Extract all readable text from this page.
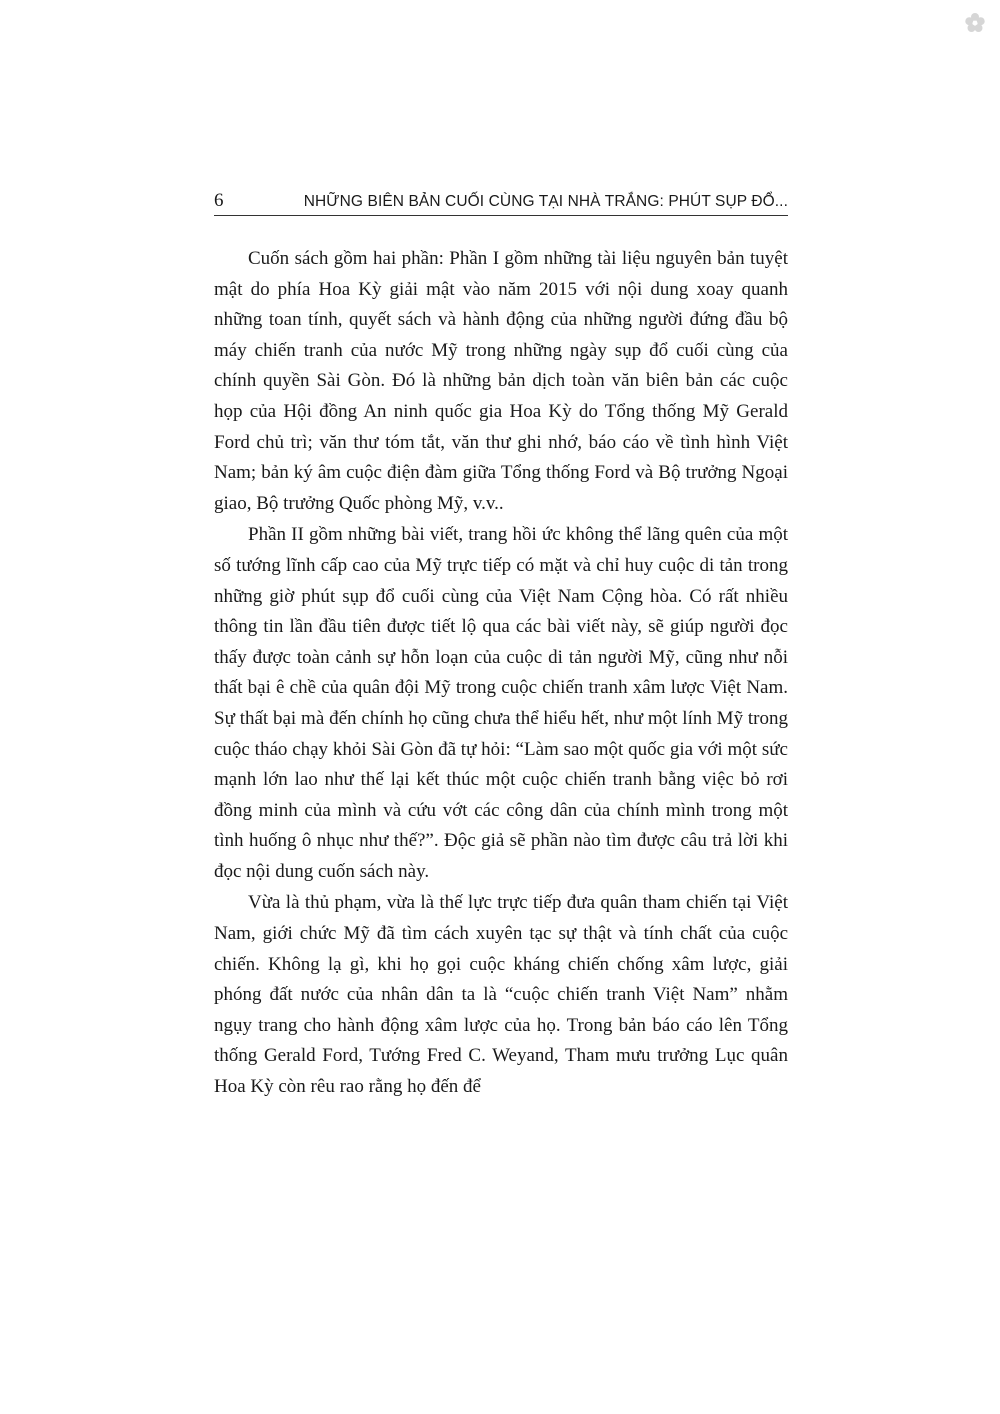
6	NHỮNG BIÊN BẢN CUỐI CÙNG TẠI NHÀ TRẮNG: PHÚT SỤP ĐỔ...

Cuốn sách gồm hai phần: Phần I gồm những tài liệu nguyên bản tuyệt mật do phía Hoa Kỳ giải mật vào năm 2015 với nội dung xoay quanh những toan tính, quyết sách và hành động của những người đứng đầu bộ máy chiến tranh của nước Mỹ trong những ngày sụp đổ cuối cùng của chính quyền Sài Gòn. Đó là những bản dịch toàn văn biên bản các cuộc họp của Hội đồng An ninh quốc gia Hoa Kỳ do Tổng thống Mỹ Gerald Ford chủ trì; văn thư tóm tắt, văn thư ghi nhớ, báo cáo về tình hình Việt Nam; bản ký âm cuộc điện đàm giữa Tổng thống Ford và Bộ trưởng Ngoại giao, Bộ trưởng Quốc phòng Mỹ, v.v..

Phần II gồm những bài viết, trang hồi ức không thể lãng quên của một số tướng lĩnh cấp cao của Mỹ trực tiếp có mặt và chỉ huy cuộc di tản trong những giờ phút sụp đổ cuối cùng của Việt Nam Cộng hòa. Có rất nhiều thông tin lần đầu tiên được tiết lộ qua các bài viết này, sẽ giúp người đọc thấy được toàn cảnh sự hỗn loạn của cuộc di tản người Mỹ, cũng như nỗi thất bại ê chề của quân đội Mỹ trong cuộc chiến tranh xâm lược Việt Nam. Sự thất bại mà đến chính họ cũng chưa thể hiểu hết, như một lính Mỹ trong cuộc tháo chạy khỏi Sài Gòn đã tự hỏi: “Làm sao một quốc gia với một sức mạnh lớn lao như thế lại kết thúc một cuộc chiến tranh bằng việc bỏ rơi đồng minh của mình và cứu vớt các công dân của chính mình trong một tình huống ô nhục như thế?”. Độc giả sẽ phần nào tìm được câu trả lời khi đọc nội dung cuốn sách này.

Vừa là thủ phạm, vừa là thế lực trực tiếp đưa quân tham chiến tại Việt Nam, giới chức Mỹ đã tìm cách xuyên tạc sự thật và tính chất của cuộc chiến. Không lạ gì, khi họ gọi cuộc kháng chiến chống xâm lược, giải phóng đất nước của nhân dân ta là “cuộc chiến tranh Việt Nam” nhằm ngụy trang cho hành động xâm lược của họ. Trong bản báo cáo lên Tổng thống Gerald Ford, Tướng Fred C. Weyand, Tham mưu trưởng Lục quân Hoa Kỳ còn rêu rao rằng họ đến để
